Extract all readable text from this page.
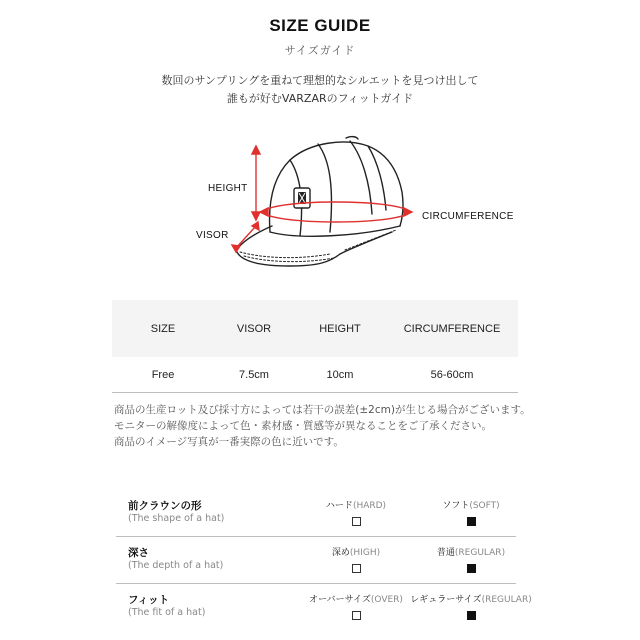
SIZE GUIDE
サイズガイド
数回のサンプリングを重ねて理想的なシルエットを見つけ出して
誰もが好むVARZARのフィットガイド
HEIGHT
VISOR
CIRCUMFERENCE
SIZE	VISOR	HEIGHT	CIRCUMFERENCE
Free	7.5cm	10cm	56-60cm
商品の生産ロット及び採寸方によっては若干の誤差(±2cm)が生じる場合がございます。
モニターの解像度によって色・素材感・質感等が異なることをご了承ください。
商品のイメージ写真が一番実際の色に近いです。
前クラウンの形
(The shape of a hat)
ハード(HARD)	ソフト(SOFT)
深さ
(The depth of a hat)
深め(HIGH)	普通(REGULAR)
フィット
(The fit of a hat)
オーバーサイズ(OVER) レギュラーサイズ(REGULAR)
